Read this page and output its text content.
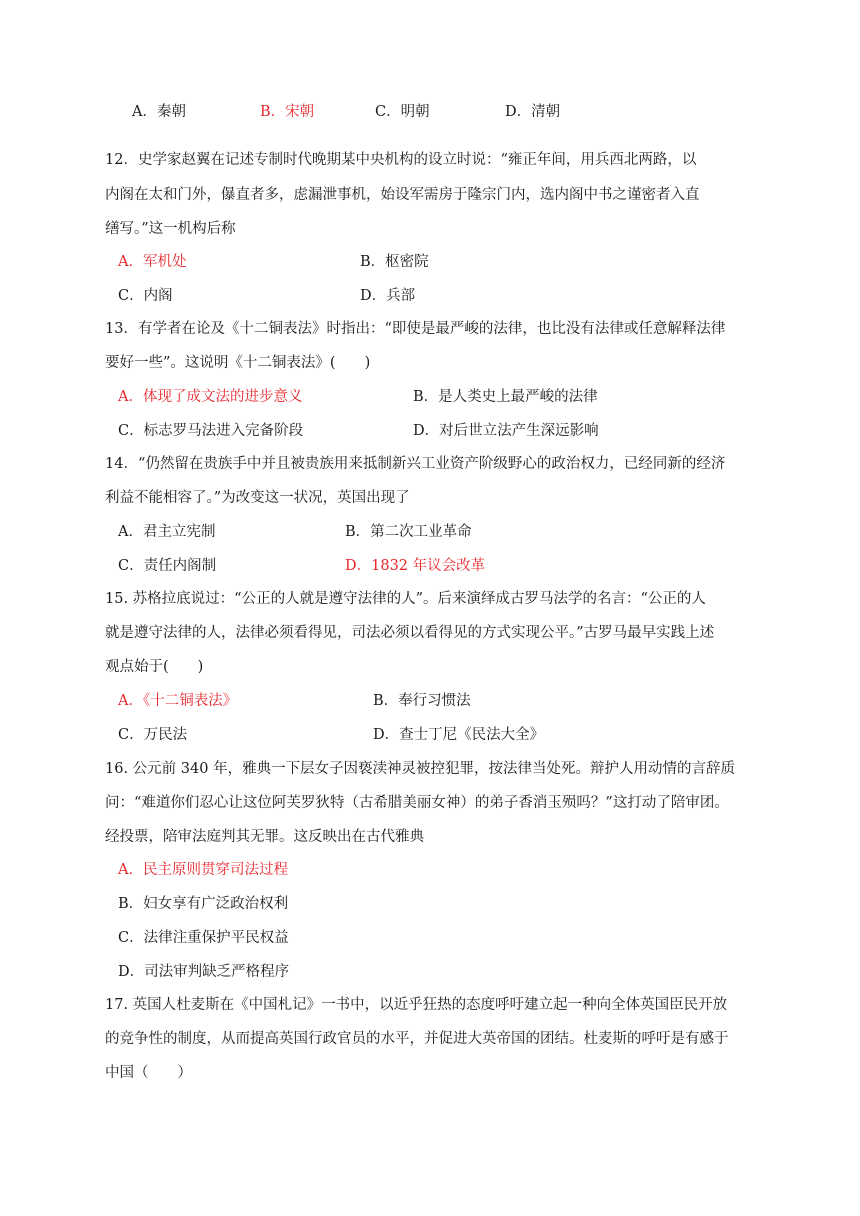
A．秦朝	B．宋朝	C．明朝	D．清朝
12．史学家赵翼在记述专制时代晚期某中央机构的设立时说：“雍正年间，用兵西北两路，以
内阁在太和门外，儤直者多，虑漏泄事机，始设军需房于隆宗门内，选内阁中书之谨密者入直
缮写。”这一机构后称
A．军机处	B．枢密院
C．内阁	D．兵部
13．有学者在论及《十二铜表法》时指出：“即使是最严峻的法律，也比没有法律或任意解释法律
要好一些”。这说明《十二铜表法》(　　)
A．体现了成文法的进步意义	B．是人类史上最严峻的法律
C．标志罗马法进入完备阶段	D．对后世立法产生深远影响
14．“仍然留在贵族手中并且被贵族用来抵制新兴工业资产阶级野心的政治权力，已经同新的经济
利益不能相容了。”为改变这一状况，英国出现了
A．君主立宪制	B．第二次工业革命
C．责任内阁制	D．1832 年议会改革
15. 苏格拉底说过：“公正的人就是遵守法律的人”。后来演绎成古罗马法学的名言：“公正的人
就是遵守法律的人，法律必须看得见，司法必须以看得见的方式实现公平。”古罗马最早实践上述
观点始于(　　)
A．《十二铜表法》	B．奉行习惯法
C．万民法	D．查士丁尼《民法大全》
16. 公元前 340 年，雅典一下层女子因亵渎神灵被控犯罪，按法律当处死。辩护人用动情的言辞质
问：“难道你们忍心让这位阿芙罗狄特（古希腊美丽女神）的弟子香消玉殒吗？”这打动了陪审团。
经投票，陪审法庭判其无罪。这反映出在古代雅典
A．民主原则贯穿司法过程
B．妇女享有广泛政治权利
C．法律注重保护平民权益
D．司法审判缺乏严格程序
17. 英国人杜麦斯在《中国札记》一书中，以近乎狂热的态度呼吁建立起一种向全体英国臣民开放
的竞争性的制度，从而提高英国行政官员的水平，并促进大英帝国的团结。杜麦斯的呼吁是有感于
中国（　　）
